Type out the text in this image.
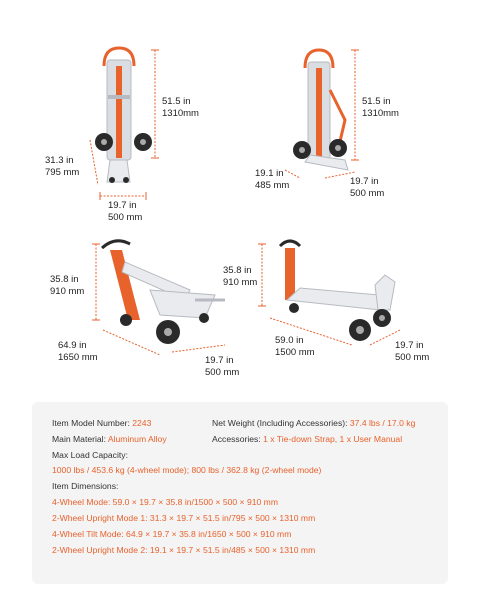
51.5 in
1310mm
31.3 in
795 mm
19.7 in
500 mm
51.5 in
1310mm
19.1 in
485 mm	19.7 in
500 mm
35.8 in
910 mm
35.8 in
910 mm
64.9 in
1650 mm	19.7 in
500 mm
59.0 in
1500 mm
19.7 in
500 mm
Item Model Number: 2243	Net Weight (Including Accessories): 37.4 lbs / 17.0 kg
Main Material: Aluminum Alloy	Accessories: 1 x Tie-down Strap, 1 x User Manual
Max Load Capacity:
1000 lbs / 453.6 kg (4-wheel mode); 800 lbs / 362.8 kg (2-wheel mode)
Item Dimensions:
4-Wheel Mode: 59.0 × 19.7 × 35.8 in/1500 × 500 × 910 mm
2-Wheel Upright Mode 1: 31.3 × 19.7 × 51.5 in/795 × 500 × 1310 mm
4-Wheel Tilt Mode: 64.9 × 19.7 × 35.8 in/1650 × 500 × 910 mm
2-Wheel Upright Mode 2: 19.1 × 19.7 × 51.5 in/485 × 500 × 1310 mm
